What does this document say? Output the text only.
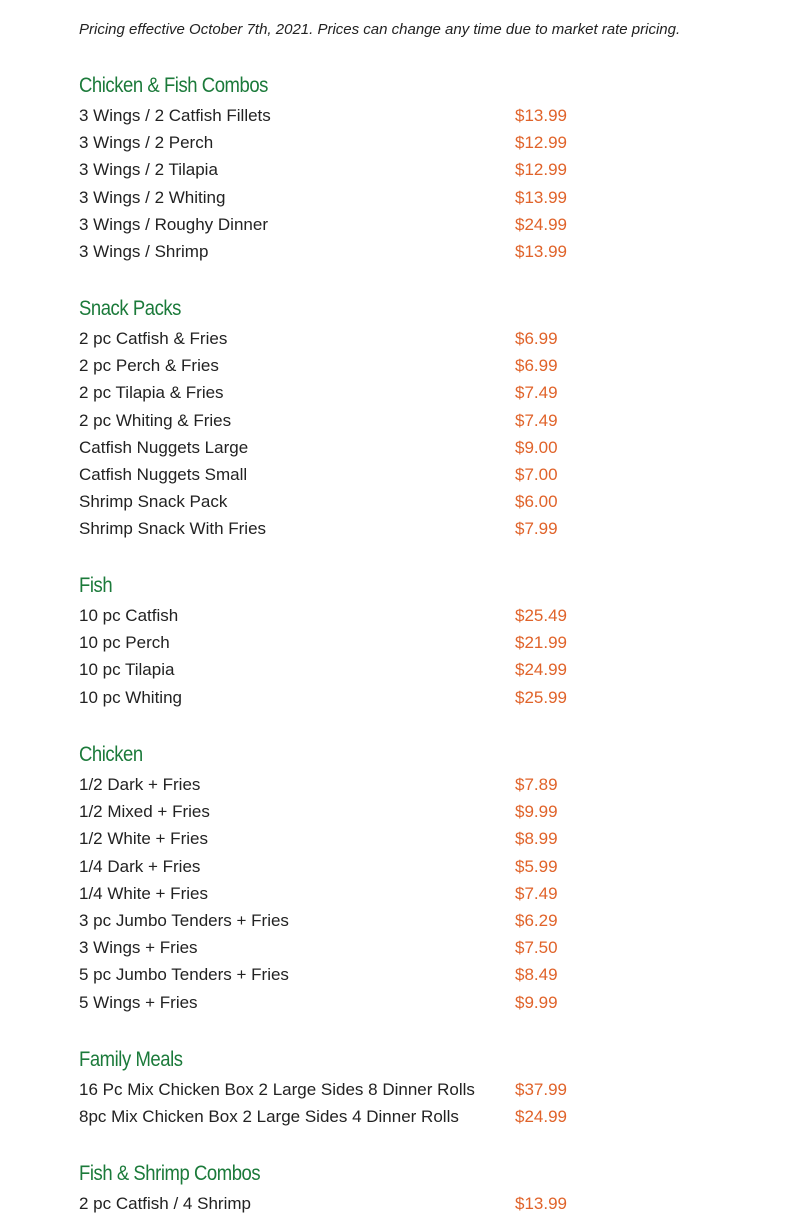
Pricing effective October 7th, 2021. Prices can change any time due to market rate pricing.
Chicken & Fish Combos
3 Wings / 2 Catfish Fillets	$13.99
3 Wings / 2 Perch	$12.99
3 Wings / 2 Tilapia	$12.99
3 Wings / 2 Whiting	$13.99
3 Wings / Roughy Dinner	$24.99
3 Wings / Shrimp	$13.99
Snack Packs
2 pc Catfish & Fries	$6.99
2 pc Perch & Fries	$6.99
2 pc Tilapia & Fries	$7.49
2 pc Whiting & Fries	$7.49
Catfish Nuggets Large	$9.00
Catfish Nuggets Small	$7.00
Shrimp Snack Pack	$6.00
Shrimp Snack With Fries	$7.99
Fish
10 pc Catfish	$25.49
10 pc Perch	$21.99
10 pc Tilapia	$24.99
10 pc Whiting	$25.99
Chicken
1/2 Dark + Fries	$7.89
1/2 Mixed + Fries	$9.99
1/2 White + Fries	$8.99
1/4 Dark + Fries	$5.99
1/4 White + Fries	$7.49
3 pc Jumbo Tenders + Fries	$6.29
3 Wings + Fries	$7.50
5 pc Jumbo Tenders + Fries	$8.49
5 Wings + Fries	$9.99
Family Meals
16 Pc Mix Chicken Box 2 Large Sides 8 Dinner Rolls $37.99
8pc Mix Chicken Box 2 Large Sides 4 Dinner Rolls	$24.99
Fish & Shrimp Combos
2 pc Catfish / 4 Shrimp	$13.99
